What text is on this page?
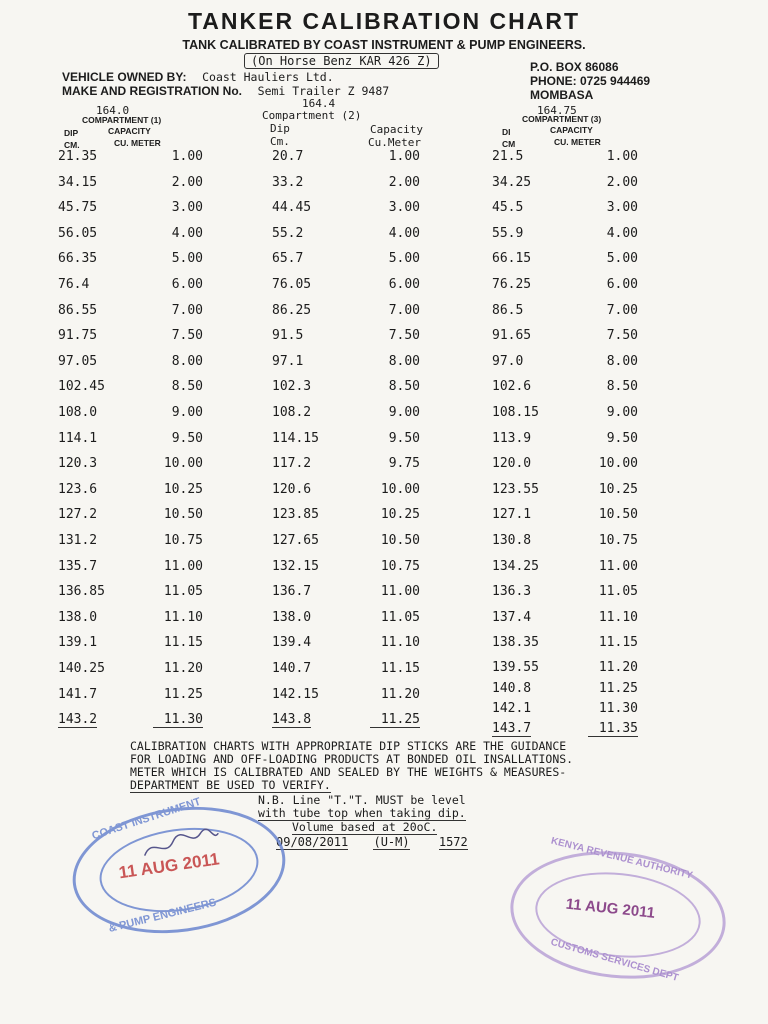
TANKER CALIBRATION CHART
TANK CALIBRATED BY COAST INSTRUMENT & PUMP ENGINEERS.
(On Horse Benz KAR 426 Z)
VEHICLE OWNED BY: Coast Hauliers Ltd.
MAKE AND REGISTRATION No. Semi Trailer Z 9487
P.O. BOX 86086
PHONE: 0725 944469
MOMBASA
164.0
COMPARTMENT (1)
DIP	CAPACITY
CM.	CU. METER
164.4
Compartment (2)
Dip	Capacity
Cm.	Cu.Meter
164.75
COMPARTMENT (3)
DI	CAPACITY
CM	CU. METER
21.35	1.00
34.15	2.00
45.75	3.00
56.05	4.00
66.35	5.00
76.4	6.00
86.55	7.00
91.75	7.50
97.05	8.00
102.45	8.50
108.0	9.00
114.1	9.50
120.3	10.00
123.6	10.25
127.2	10.50
131.2	10.75
135.7	11.00
136.85	11.05
138.0	11.10
139.1	11.15
140.25	11.20
141.7	11.25
143.2	11.30
20.7	1.00
33.2	2.00
44.45	3.00
55.2	4.00
65.7	5.00
76.05	6.00
86.25	7.00
91.5	7.50
97.1	8.00
102.3	8.50
108.2	9.00
114.15	9.50
117.2	9.75
120.6	10.00
123.85	10.25
127.65	10.50
132.15	10.75
136.7	11.00
138.0	11.05
139.4	11.10
140.7	11.15
142.15	11.20
143.8	11.25
21.5	1.00
34.25	2.00
45.5	3.00
55.9	4.00
66.15	5.00
76.25	6.00
86.5	7.00
91.65	7.50
97.0	8.00
102.6	8.50
108.15	9.00
113.9	9.50
120.0	10.00
123.55	10.25
127.1	10.50
130.8	10.75
134.25	11.00
136.3	11.05
137.4	11.10
138.35	11.15
139.55	11.20
140.8	11.25
142.1	11.30
143.7	11.35
CALIBRATION CHARTS WITH APPROPRIATE DIP STICKS ARE THE GUIDANCE
FOR LOADING AND OFF-LOADING PRODUCTS AT BONDED OIL INSALLATIONS.
METER WHICH IS CALIBRATED AND SEALED BY THE WEIGHTS & MEASURES-
DEPARTMENT BE USED TO VERIFY.
N.B. Line "T."T. MUST be level
with tube top when taking dip.
Volume based at 20oC.
09/08/2011 (U-M) 1572
COAST INSTRUMENT
11 AUG 2011
& PUMP ENGINEERS
KENYA REVENUE AUTHORITY
11 AUG 2011
CUSTOMS SERVICES DEPT
